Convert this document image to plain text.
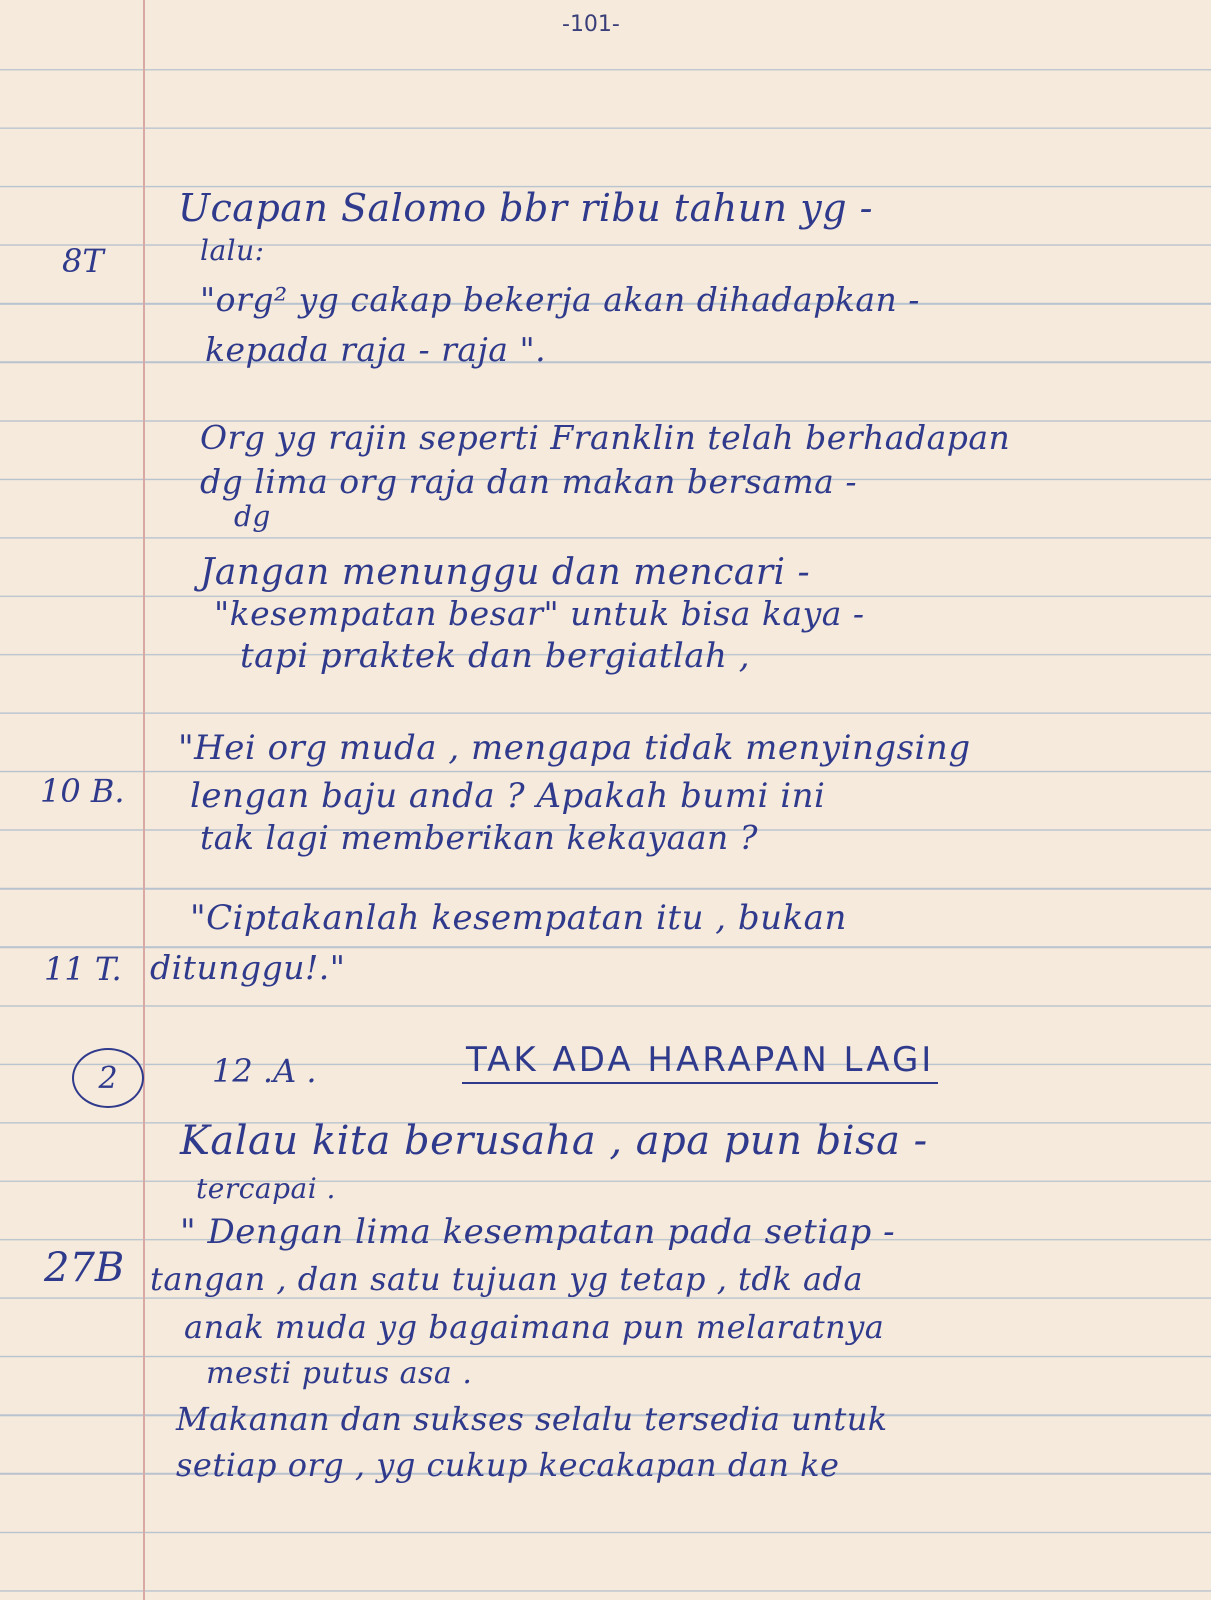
-101-
8T
10 B.
11 T.
27B
2	12 .A .	TAK ADA HARAPAN LAGI
Ucapan Salomo bbr ribu tahun yg -
lalu:
"org² yg cakap bekerja akan dihadapkan -
kepada raja - raja ".
Org yg rajin seperti Franklin telah berhadapan
dg lima org raja dan makan bersama -
dg
Jangan menunggu dan mencari -
"kesempatan besar" untuk bisa kaya -
tapi praktek dan bergiatlah ,
"Hei org muda , mengapa tidak menyingsing
lengan baju anda ? Apakah bumi ini
tak lagi memberikan kekayaan ?
"Ciptakanlah kesempatan itu , bukan
ditunggu!."
Kalau kita berusaha , apa pun bisa -
tercapai .
" Dengan lima kesempatan pada setiap -
tangan , dan satu tujuan yg tetap , tdk ada
anak muda yg bagaimana pun melaratnya
mesti putus asa .
Makanan dan sukses selalu tersedia untuk
setiap org , yg cukup kecakapan dan ke
